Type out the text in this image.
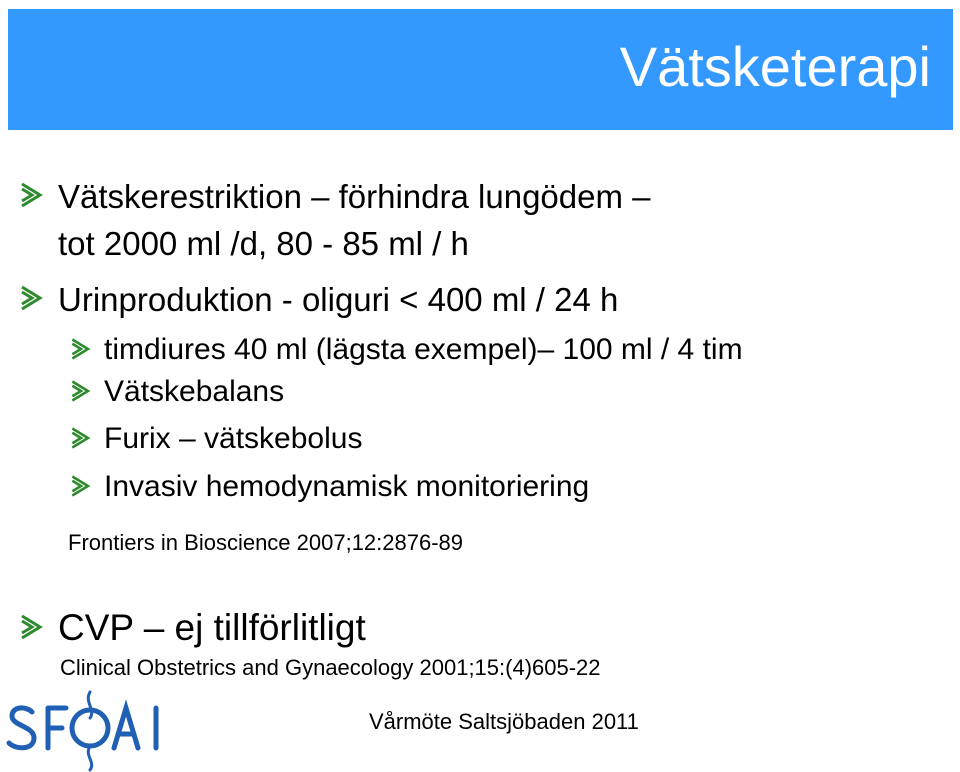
Vätsketerapi
Vätskerestriktion – förhindra lungödem –
tot 2000 ml /d, 80 - 85 ml / h
Urinproduktion - oliguri < 400 ml / 24 h
timdiures 40 ml (lägsta exempel)– 100 ml / 4 tim
Vätskebalans
Furix – vätskebolus
Invasiv hemodynamisk monitoriering
Frontiers in Bioscience 2007;12:2876-89
CVP – ej tillförlitligt
Clinical Obstetrics and Gynaecology 2001;15:(4)605-22
Vårmöte Saltsjöbaden 2011
